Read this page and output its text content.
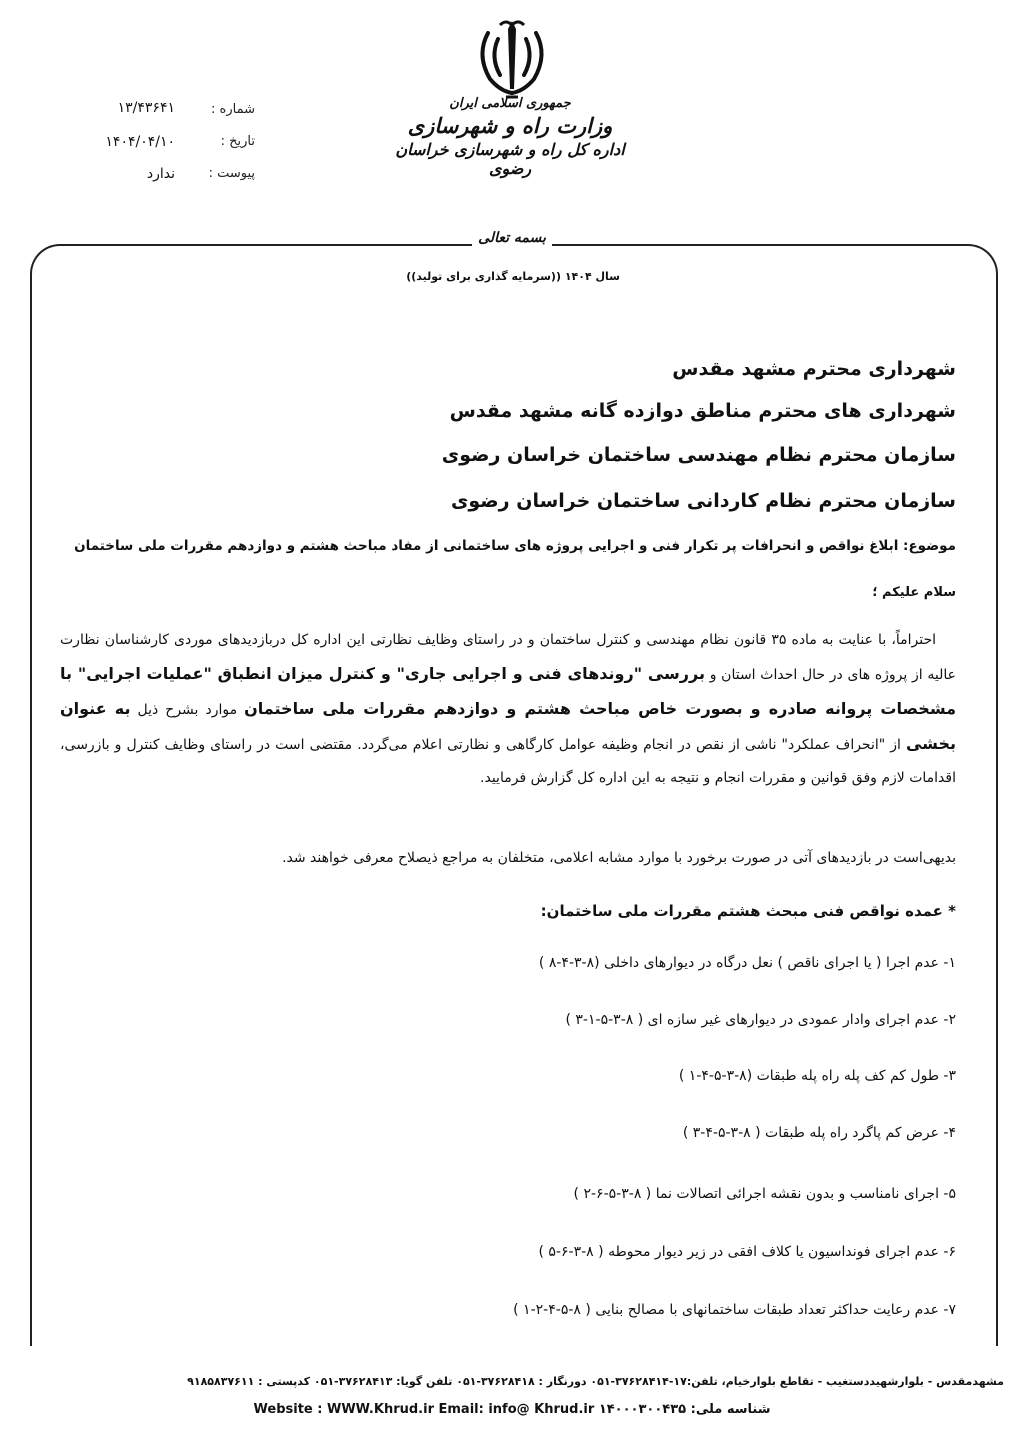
جمهوری اسلامی ایران
وزارت راه و شهرسازی
اداره کل راه و شهرسازی خراسان رضوی
شماره :
۱۳/۴۳۶۴۱
تاریخ :
۱۴۰۴/۰۴/۱۰
پیوست :
ندارد
بسمه تعالی
سال ۱۴۰۴ ((سرمایه گذاری برای تولید))
شهرداری محترم مشهد مقدس
شهرداری های محترم مناطق دوازده گانه مشهد مقدس
سازمان محترم نظام مهندسی ساختمان خراسان رضوی
سازمان محترم نظام کاردانی ساختمان خراسان رضوی
موضوع: ابلاغ نواقص و انحرافات پر تکرار فنی و اجرایی پروژه های ساختمانی از مفاد مباحث هشتم و دوازدهم مقررات ملی ساختمان
سلام علیکم ؛
احتراماً، با عنایت به ماده ۳۵ قانون نظام مهندسی و کنترل ساختمان و در راستای وظایف نظارتی این اداره کل دربازدیدهای موردی کارشناسان نظارت عالیه از پروژه های در حال احداث استان و بررسی "روندهای فنی و اجرایی جاری" و کنترل میزان انطباق "عملیات اجرایی" با مشخصات پروانه صادره و بصورت خاص مباحث هشتم و دوازدهم مقررات ملی ساختمان موارد بشرح ذیل به عنوان بخشی از "انحراف عملکرد" ناشی از نقص در انجام وظیفه عوامل کارگاهی و نظارتی اعلام می‌گردد. مقتضی است در راستای وظایف کنترل و بازرسی، اقدامات لازم وفق قوانین و مقررات انجام و نتیجه به این اداره کل گزارش فرمایید.
بدیهی‌است در بازدیدهای آتی در صورت برخورد با موارد مشابه اعلامی، متخلفان به مراجع ذیصلاح معرفی خواهند شد.
* عمده نواقص فنی مبحث هشتم مقررات ملی ساختمان:
۱- عدم اجرا ( یا اجرای ناقص ) نعل درگاه در دیوارهای داخلی (۸-۳-۴-۸ )
۲- عدم اجرای وادار عمودی در دیوارهای غیر سازه ای ( ۸-۳-۵-۱-۳ )
۳- طول کم کف پله راه پله طبقات (۸-۳-۵-۴-۱ )
۴- عرض کم پاگرد راه پله طبقات ( ۸-۳-۵-۴-۳ )
۵- اجرای نامناسب و بدون نقشه اجرائی اتصالات نما ( ۸-۳-۵-۶-۲ )
۶- عدم اجرای فونداسیون یا کلاف افقی در زیر دیوار محوطه ( ۸-۳-۶-۵ )
۷- عدم رعایت حداکثر تعداد طبقات ساختمانهای با مصالح بنایی ( ۸-۵-۴-۲-۱ )
مشهدمقدس - بلوارشهیددستغیب - تقاطع بلوارخیام، تلفن:۱۷-۳۷۶۲۸۴۱۴-۰۵۱ دورنگار : ۳۷۶۲۸۴۱۸-۰۵۱ تلفن گویا: ۳۷۶۲۸۴۱۳-۰۵۱ کدپستی : ۹۱۸۵۸۳۷۶۱۱
Website : WWW.Khrud.ir Email: info@ Khrud.ir شناسه ملی: ۱۴۰۰۰۳۰۰۴۳۵
